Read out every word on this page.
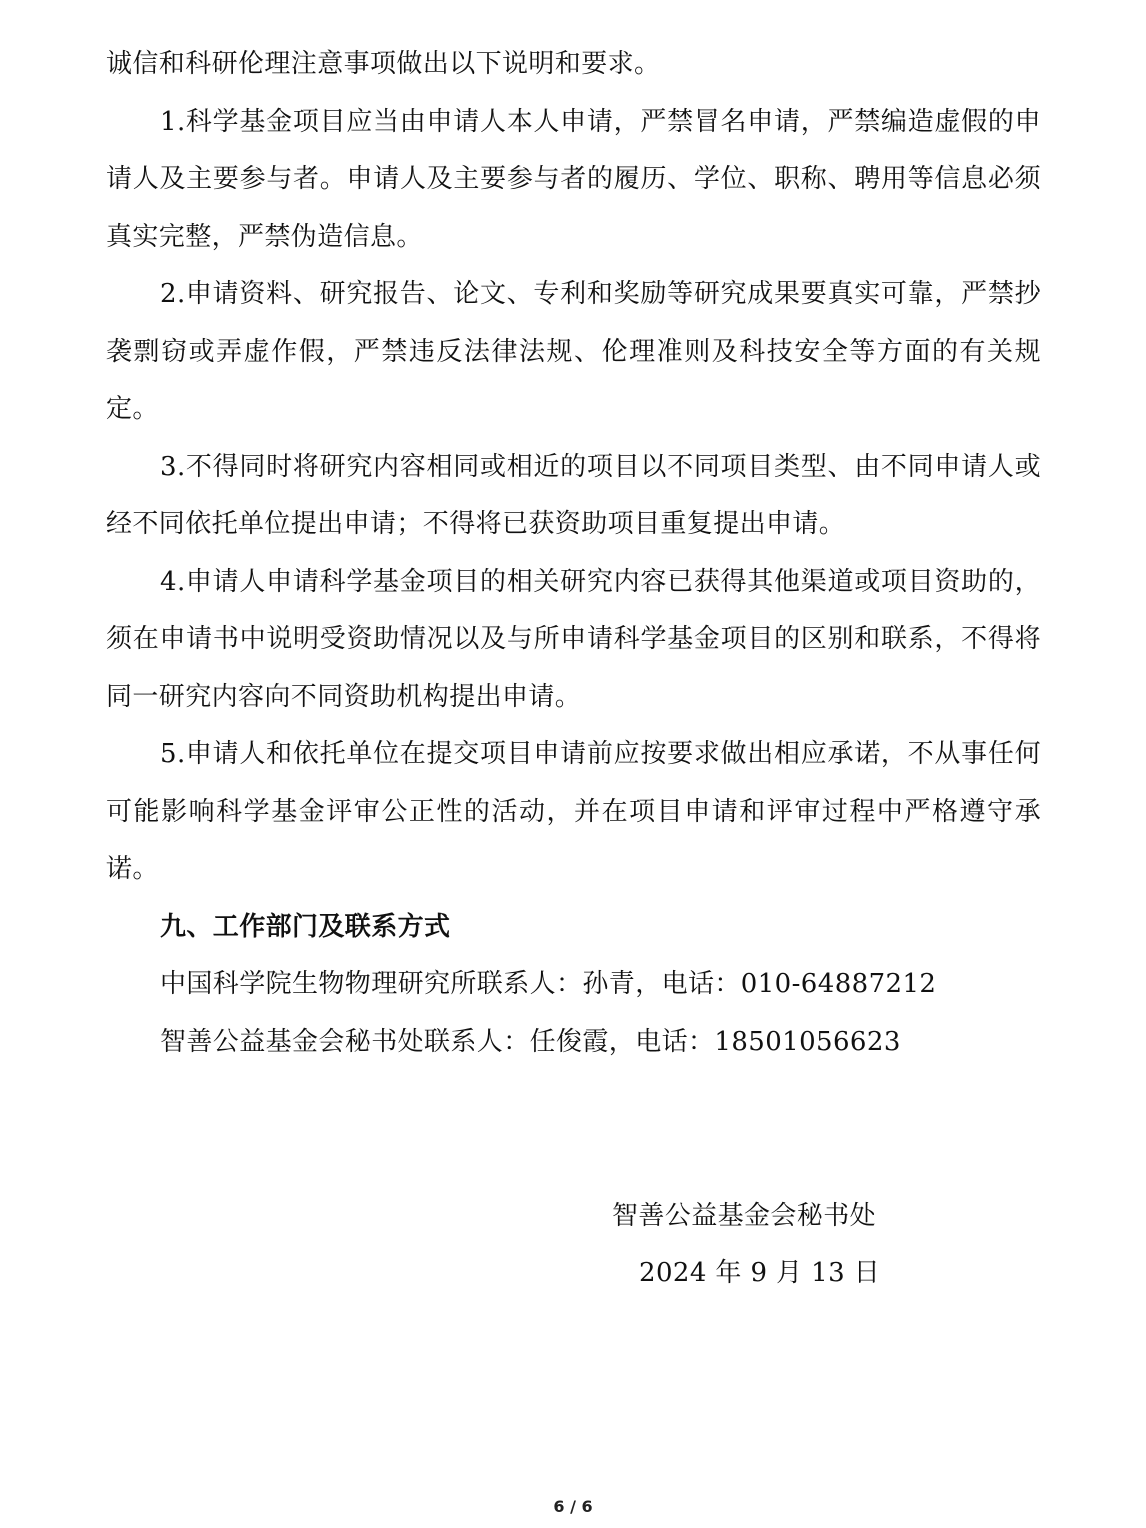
诚信和科研伦理注意事项做出以下说明和要求。

1.科学基金项目应当由申请人本人申请，严禁冒名申请，严禁编造虚假的申请人及主要参与者。申请人及主要参与者的履历、学位、职称、聘用等信息必须真实完整，严禁伪造信息。

2.申请资料、研究报告、论文、专利和奖励等研究成果要真实可靠，严禁抄袭剽窃或弄虚作假，严禁违反法律法规、伦理准则及科技安全等方面的有关规定。

3.不得同时将研究内容相同或相近的项目以不同项目类型、由不同申请人或经不同依托单位提出申请；不得将已获资助项目重复提出申请。

4.申请人申请科学基金项目的相关研究内容已获得其他渠道或项目资助的，须在申请书中说明受资助情况以及与所申请科学基金项目的区别和联系，不得将同一研究内容向不同资助机构提出申请。

5.申请人和依托单位在提交项目申请前应按要求做出相应承诺，不从事任何可能影响科学基金评审公正性的活动，并在项目申请和评审过程中严格遵守承诺。

九、工作部门及联系方式

中国科学院生物物理研究所联系人：孙青，电话：010-64887212

智善公益基金会秘书处联系人：任俊霞，电话：18501056623

智善公益基金会秘书处
2024 年 9 月 13 日
6 / 6
